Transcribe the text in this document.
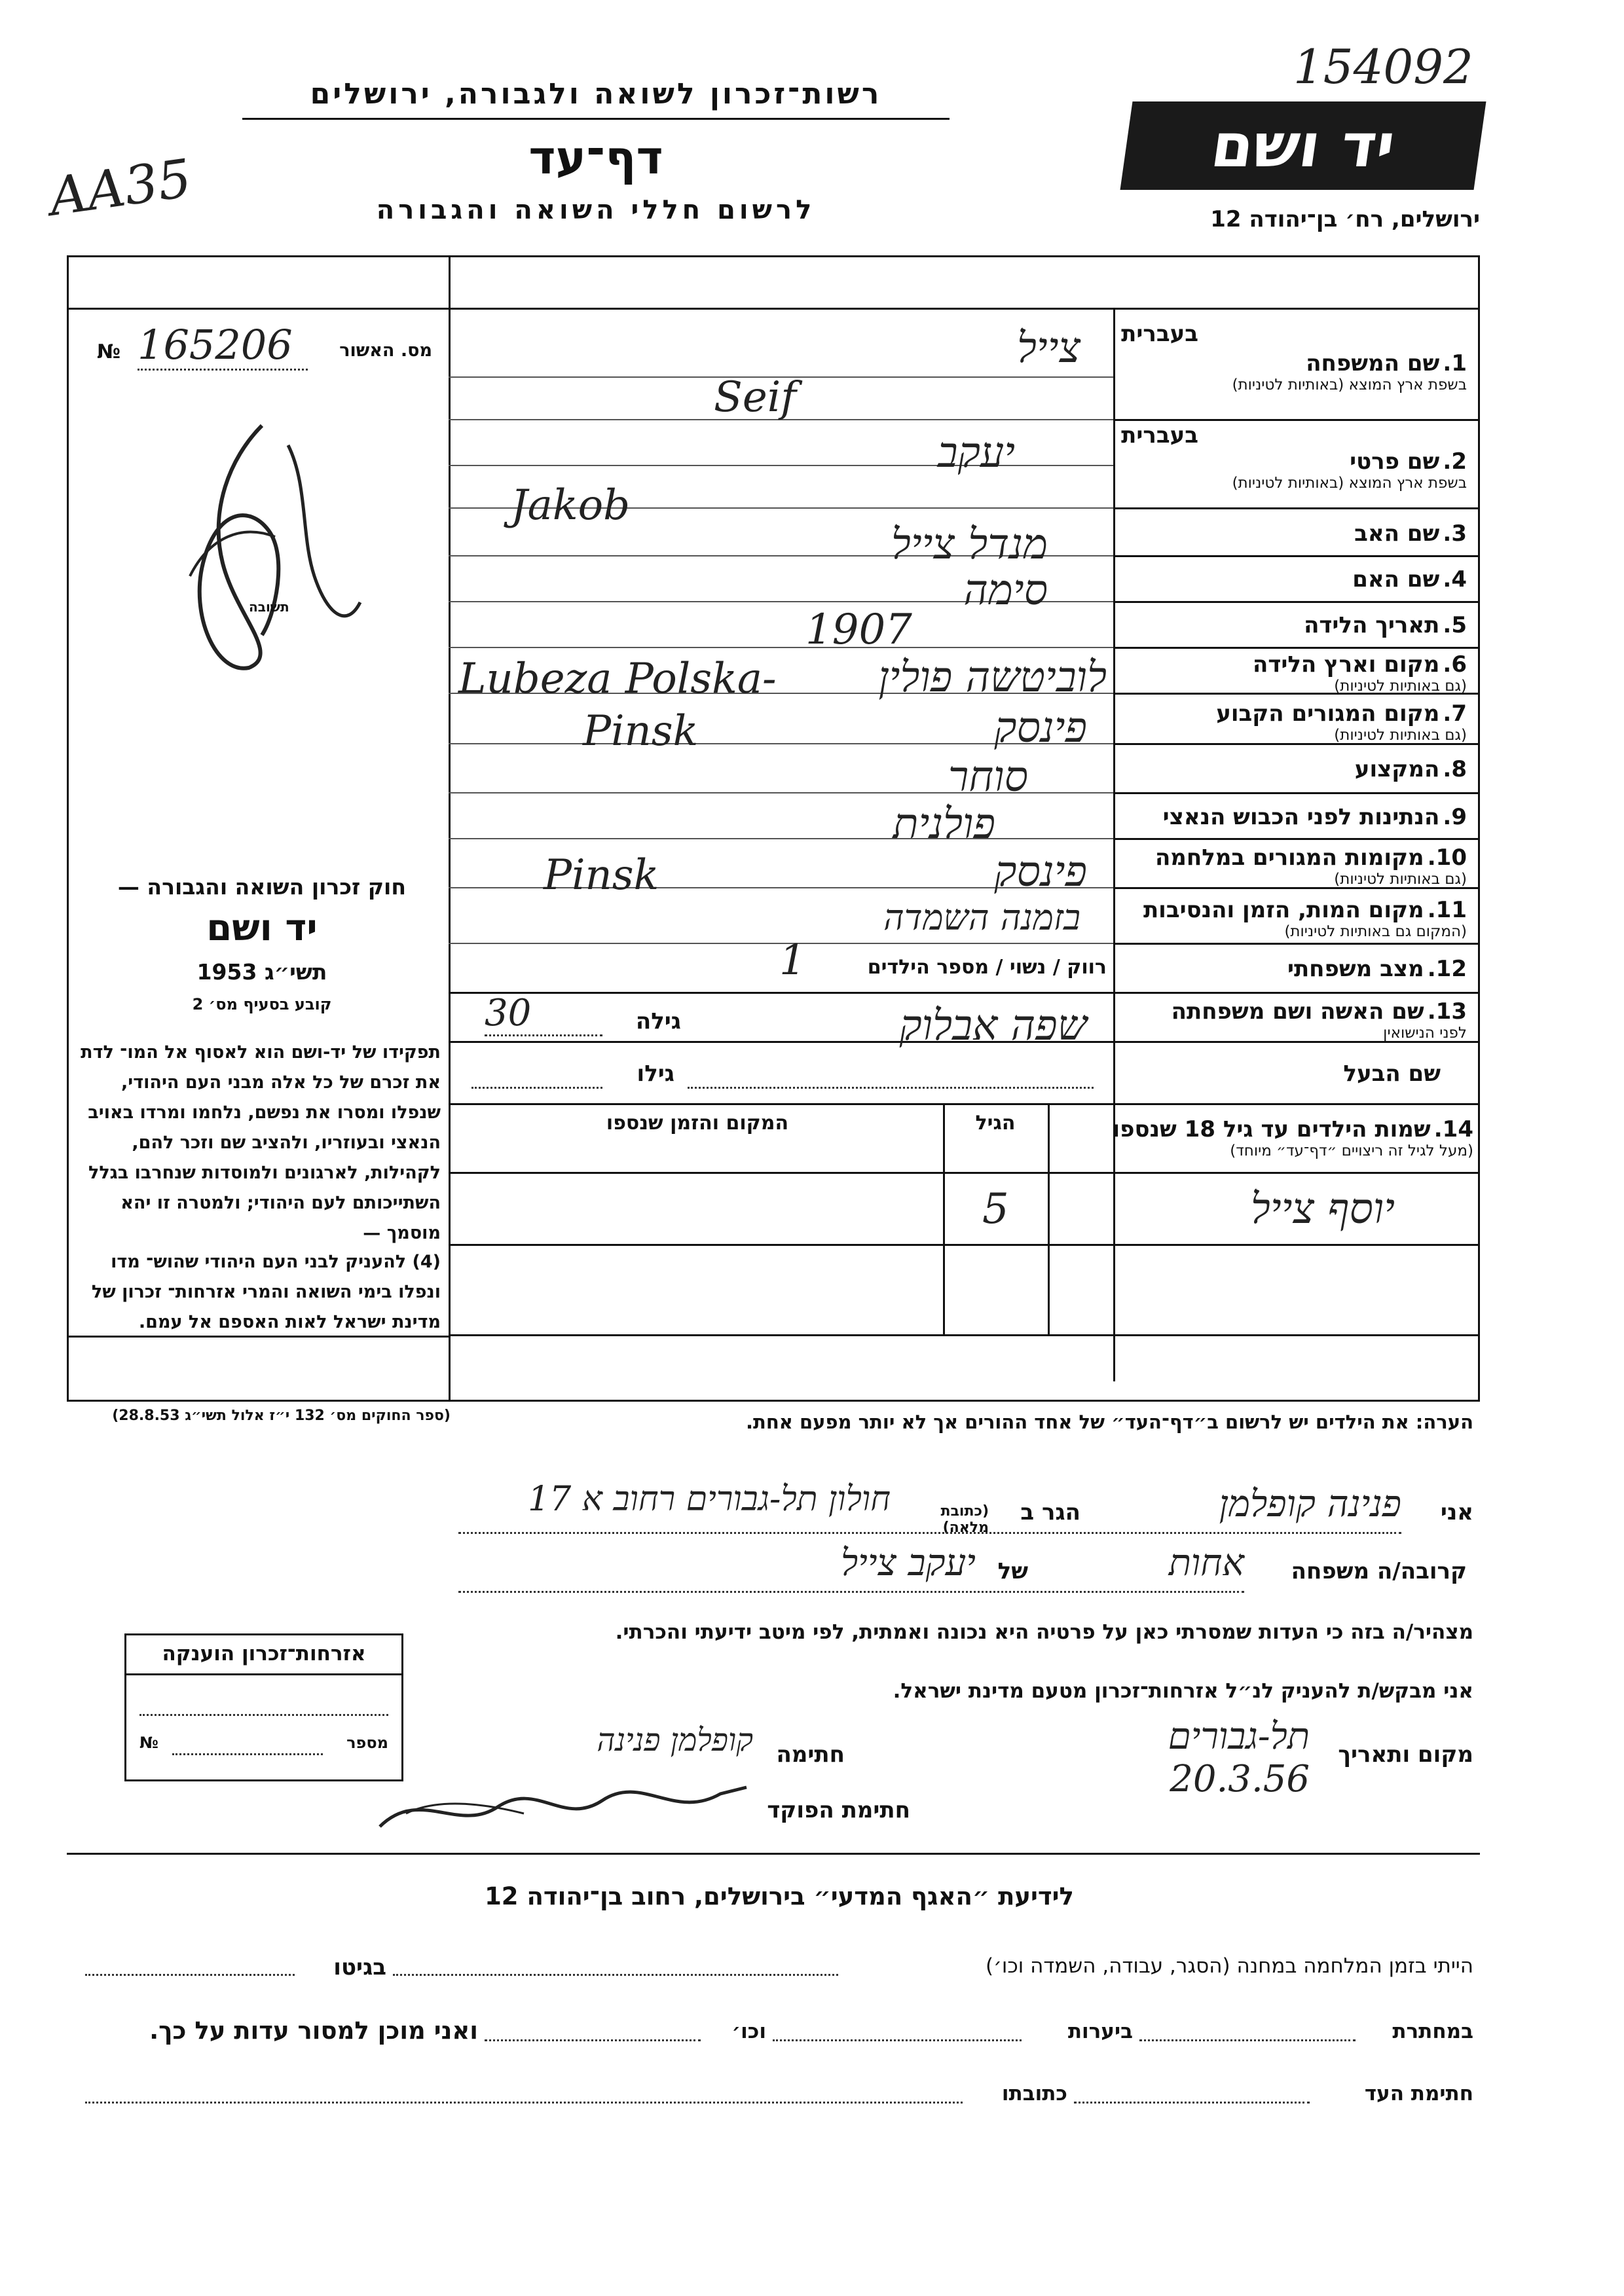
154092
AA35
רשות־זכרון לשואה ולגבורה, ירושלים
דף־עד
לרשום חללי השואה והגבורה
יד ושם
ירושלים, רח׳ בן־יהודה 12
מס. האשור
165206
№
תשובה
חוק זכרון השואה והגבורה —
יד ושם
תשי״ג 1953
קובע בסעיף מס׳ 2
תפקידו של יד-ושם הוא לאסוף אל המו־ לדת את זכרם של כל אלה מבני העם היהודי, שנפלו ומסרו את נפשם, נלחמו ומרדו באויב הנאצי ובעוזריו, ולהציב שם וזכר להם, לקהילות, לארגונים ולמוסדות שנחרבו בגלל השתייכותם לעם היהודי; ולמטרה זו יהא מוסמך —
(4) להעניק לבני העם היהודי שהוש־ מדו ונפלו בימי השואה והמרי אזרחות־ זכרון של מדינת ישראל לאות האספם אל עמם.
(ספר החוקים מס׳ 132 י״ז אלול תשי״ג 28.8.53)
בעברית
1. שם המשפחה
בשפת ארץ המוצא (באותיות לטיניות)
בעברית
2. שם פרטי
בשפת ארץ המוצא (באותיות לטיניות)
3. שם האב
4. שם האם
5. תאריך הלידה
6. מקום וארץ הלידה
(גם באותיות לטיניות)
7. מקום המגורים הקבוע
(גם באותיות לטיניות)
8. המקצוע
9. הנתינות לפני הכבוש הנאצי
10. מקומות המגורים במלחמה
(גם באותיות לטיניות)
11. מקום המות, הזמן והנסיבות
(המקום גם באותיות לטיניות)
12. מצב משפחתי
13. שם האשה ושם משפחתה
לפני הנישואין
שם הבעל
צייל
Seif
יעקב
Jakob
מנדל צייל
סימה
1907
לוביטשה פולין
Lubeza Polska-
פינסק
Pinsk
סוחר
פולנית
פינסק
Pinsk
בזמנה השמדה
רווק / נשוי / מספר הילדים
1
שפה אבלוק
גילה
30
גילו
14. שמות הילדים עד גיל 18 שנספו
(מעל לגיל זה ריצויים ״דף־עד״ מיוחד)
הגיל
המקום והזמן שנספו
יוסף צייל
5
הערה: את הילדים יש לרשום ב״דף־העד״ של אחד ההורים אך לא יותר מפעם אחת.
אני
פנינה קופלמן
הגר ב
(כתובת מלאה)
חולון תל-גבורים רחוב א 17
קרובה/ה משפחה
אחות
של
יעקב צייל
מצהיר/ה בזה כי העדות שמסרתי כאן על פרטיה היא נכונה ואמתית, לפי מיטב ידיעתי והכרתי.
אני מבקש/ת להעניק לנ״ל אזרחות־זכרון מטעם מדינת ישראל.
מקום ותאריך
תל-גבורים 20.3.56
חתימה
קופלמן פנינה
חתימת הפוקד
אזרחות־זכרון הוענקה
מספר
№
לידיעת ״האגף המדעי״ בירושלים, רחוב בן־יהודה 12
הייתי בזמן המלחמה במחנה (הסגר, עבודה, השמדה וכו׳)
בגיטו
במחתרת
ביערות
וכו׳
ואני מוכן למסור עדות על כך.
חתימת העד
כתובתו
